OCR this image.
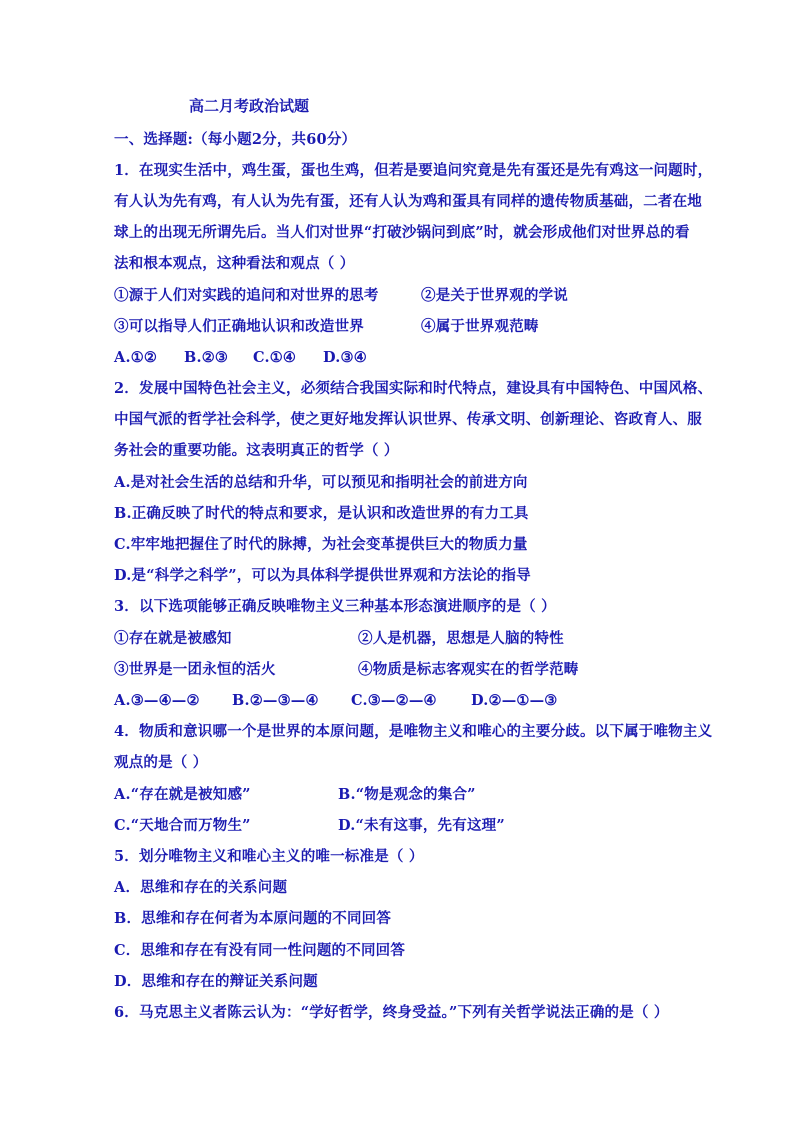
高二月考政治试题
一、选择题:（每小题2分，共60分）
1．在现实生活中，鸡生蛋，蛋也生鸡，但若是要追问究竟是先有蛋还是先有鸡这一问题时，
有人认为先有鸡，有人认为先有蛋，还有人认为鸡和蛋具有同样的遗传物质基础，二者在地
球上的出现无所谓先后。当人们对世界“打破沙锅问到底”时，就会形成他们对世界总的看
法和根本观点，这种看法和观点（ ）
①源于人们对实践的追问和对世界的思考	②是关于世界观的学说
③可以指导人们正确地认识和改造世界	④属于世界观范畴
A.①② B.②③ C.①④ D.③④
2．发展中国特色社会主义，必须结合我国实际和时代特点，建设具有中国特色、中国风格、
中国气派的哲学社会科学，使之更好地发挥认识世界、传承文明、创新理论、咨政育人、服
务社会的重要功能。这表明真正的哲学（ ）
A.是对社会生活的总结和升华，可以预见和指明社会的前进方向
B.正确反映了时代的特点和要求，是认识和改造世界的有力工具
C.牢牢地把握住了时代的脉搏，为社会变革提供巨大的物质力量
D.是“科学之科学”，可以为具体科学提供世界观和方法论的指导
3．以下选项能够正确反映唯物主义三种基本形态演进顺序的是（ ）
①存在就是被感知	②人是机器，思想是人脑的特性
③世界是一团永恒的活火	④物质是标志客观实在的哲学范畴
A.③—④—② B.②—③—④ C.③—②—④ D.②—①—③
4．物质和意识哪一个是世界的本原问题，是唯物主义和唯心的主要分歧。以下属于唯物主义
观点的是（ ）
A.“存在就是被知感”	B.“物是观念的集合”
C.“天地合而万物生”	D.“未有这事，先有这理”
5．划分唯物主义和唯心主义的唯一标准是（ ）
A．思维和存在的关系问题
B．思维和存在何者为本原问题的不同回答
C．思维和存在有没有同一性问题的不同回答
D．思维和存在的辩证关系问题
6．马克思主义者陈云认为：“学好哲学，终身受益。”下列有关哲学说法正确的是（ ）
